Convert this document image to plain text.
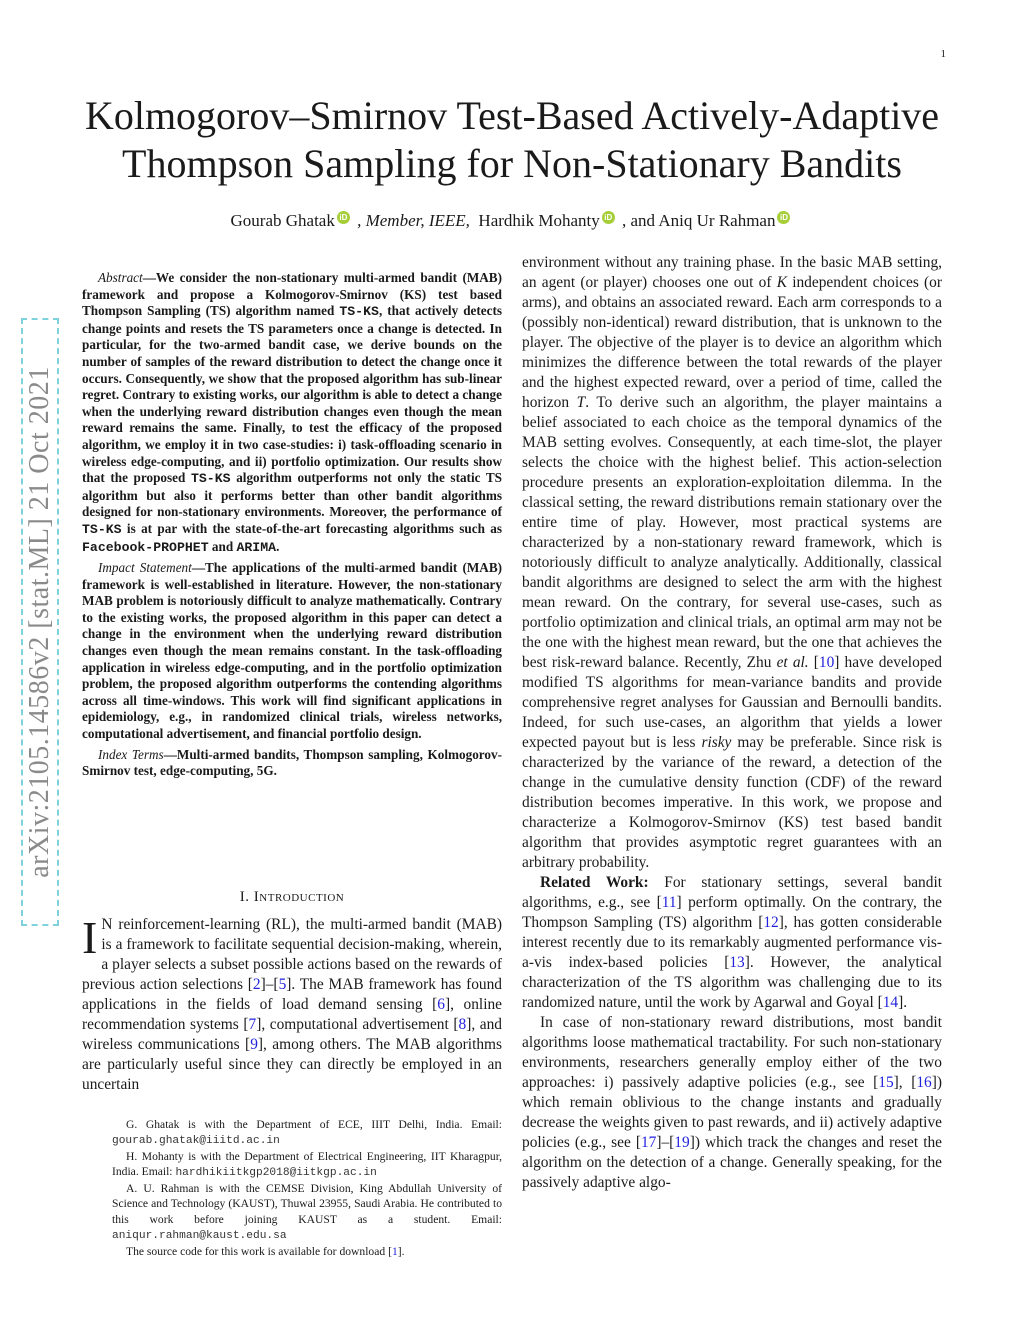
1
Kolmogorov–Smirnov Test-Based Actively-Adaptive Thompson Sampling for Non-Stationary Bandits
Gourab Ghatak iD , Member, IEEE, Hardhik Mohanty iD , and Aniq Ur Rahman iD
arXiv:2105.14586v2 [stat.ML] 21 Oct 2021

Abstract—We consider the non-stationary multi-armed bandit (MAB) framework and propose a Kolmogorov-Smirnov (KS) test based Thompson Sampling (TS) algorithm named TS-KS, that actively detects change points and resets the TS parameters once a change is detected. In particular, for the two-armed bandit case, we derive bounds on the number of samples of the reward distribution to detect the change once it occurs. Consequently, we show that the proposed algorithm has sub-linear regret. Contrary to existing works, our algorithm is able to detect a change when the underlying reward distribution changes even though the mean reward remains the same. Finally, to test the efficacy of the proposed algorithm, we employ it in two case-studies: i) task-offloading scenario in wireless edge-computing, and ii) portfolio optimization. Our results show that the proposed TS-KS algorithm outperforms not only the static TS algorithm but also it performs better than other bandit algorithms designed for non-stationary environments. Moreover, the performance of TS-KS is at par with the state-of-the-art forecasting algorithms such as Facebook-PROPHET and ARIMA.

Impact Statement—The applications of the multi-armed bandit (MAB) framework is well-established in literature. However, the non-stationary MAB problem is notoriously difficult to analyze mathematically. Contrary to the existing works, the proposed algorithm in this paper can detect a change in the environment when the underlying reward distribution changes even though the mean remains constant. In the task-offloading application in wireless edge-computing, and in the portfolio optimization problem, the proposed algorithm outperforms the contending algorithms across all time-windows. This work will find significant applications in epidemiology, e.g., in randomized clinical trials, wireless networks, computational advertisement, and financial portfolio design.

Index Terms—Multi-armed bandits, Thompson sampling, Kolmogorov-Smirnov test, edge-computing, 5G.

I. Introduction

I N reinforcement-learning (RL), the multi-armed bandit (MAB) is a framework to facilitate sequential decision-making, wherein, a player selects a subset possible actions based on the rewards of previous action selections [2]–[5]. The MAB framework has found applications in the fields of load demand sensing [6], online recommendation systems [7], computational advertisement [8], and wireless communications [9], among others. The MAB algorithms are particularly useful since they can directly be employed in an uncertain

G. Ghatak is with the Department of ECE, IIIT Delhi, India. Email: gourab.ghatak@iiitd.ac.in

H. Mohanty is with the Department of Electrical Engineering, IIT Kharagpur, India. Email: hardhikiitkgp2018@iitkgp.ac.in

A. U. Rahman is with the CEMSE Division, King Abdullah University of Science and Technology (KAUST), Thuwal 23955, Saudi Arabia. He contributed to this work before joining KAUST as a student. Email: aniqur.rahman@kaust.edu.sa

The source code for this work is available for download [1].

environment without any training phase. In the basic MAB setting, an agent (or player) chooses one out of K independent choices (or arms), and obtains an associated reward. Each arm corresponds to a (possibly non-identical) reward distribution, that is unknown to the player. The objective of the player is to device an algorithm which minimizes the difference between the total rewards of the player and the highest expected reward, over a period of time, called the horizon T. To derive such an algorithm, the player maintains a belief associated to each choice as the temporal dynamics of the MAB setting evolves. Consequently, at each time-slot, the player selects the choice with the highest belief. This action-selection procedure presents an exploration-exploitation dilemma. In the classical setting, the reward distributions remain stationary over the entire time of play. However, most practical systems are characterized by a non-stationary reward framework, which is notoriously difficult to analyze analytically. Additionally, classical bandit algorithms are designed to select the arm with the highest mean reward. On the contrary, for several use-cases, such as portfolio optimization and clinical trials, an optimal arm may not be the one with the highest mean reward, but the one that achieves the best risk-reward balance. Recently, Zhu et al. [10] have developed modified TS algorithms for mean-variance bandits and provide comprehensive regret analyses for Gaussian and Bernoulli bandits. Indeed, for such use-cases, an algorithm that yields a lower expected payout but is less risky may be preferable. Since risk is characterized by the variance of the reward, a detection of the change in the cumulative density function (CDF) of the reward distribution becomes imperative. In this work, we propose and characterize a Kolmogorov-Smirnov (KS) test based bandit algorithm that provides asymptotic regret guarantees with an arbitrary probability.

Related Work: For stationary settings, several bandit algorithms, e.g., see [11] perform optimally. On the contrary, the Thompson Sampling (TS) algorithm [12], has gotten considerable interest recently due to its remarkably augmented performance vis-a-vis index-based policies [13]. However, the analytical characterization of the TS algorithm was challenging due to its randomized nature, until the work by Agarwal and Goyal [14].

In case of non-stationary reward distributions, most bandit algorithms loose mathematical tractability. For such non-stationary environments, researchers generally employ either of the two approaches: i) passively adaptive policies (e.g., see [15], [16]) which remain oblivious to the change instants and gradually decrease the weights given to past rewards, and ii) actively adaptive policies (e.g., see [17]–[19]) which track the changes and reset the algorithm on the detection of a change. Generally speaking, for the passively adaptive algo-
